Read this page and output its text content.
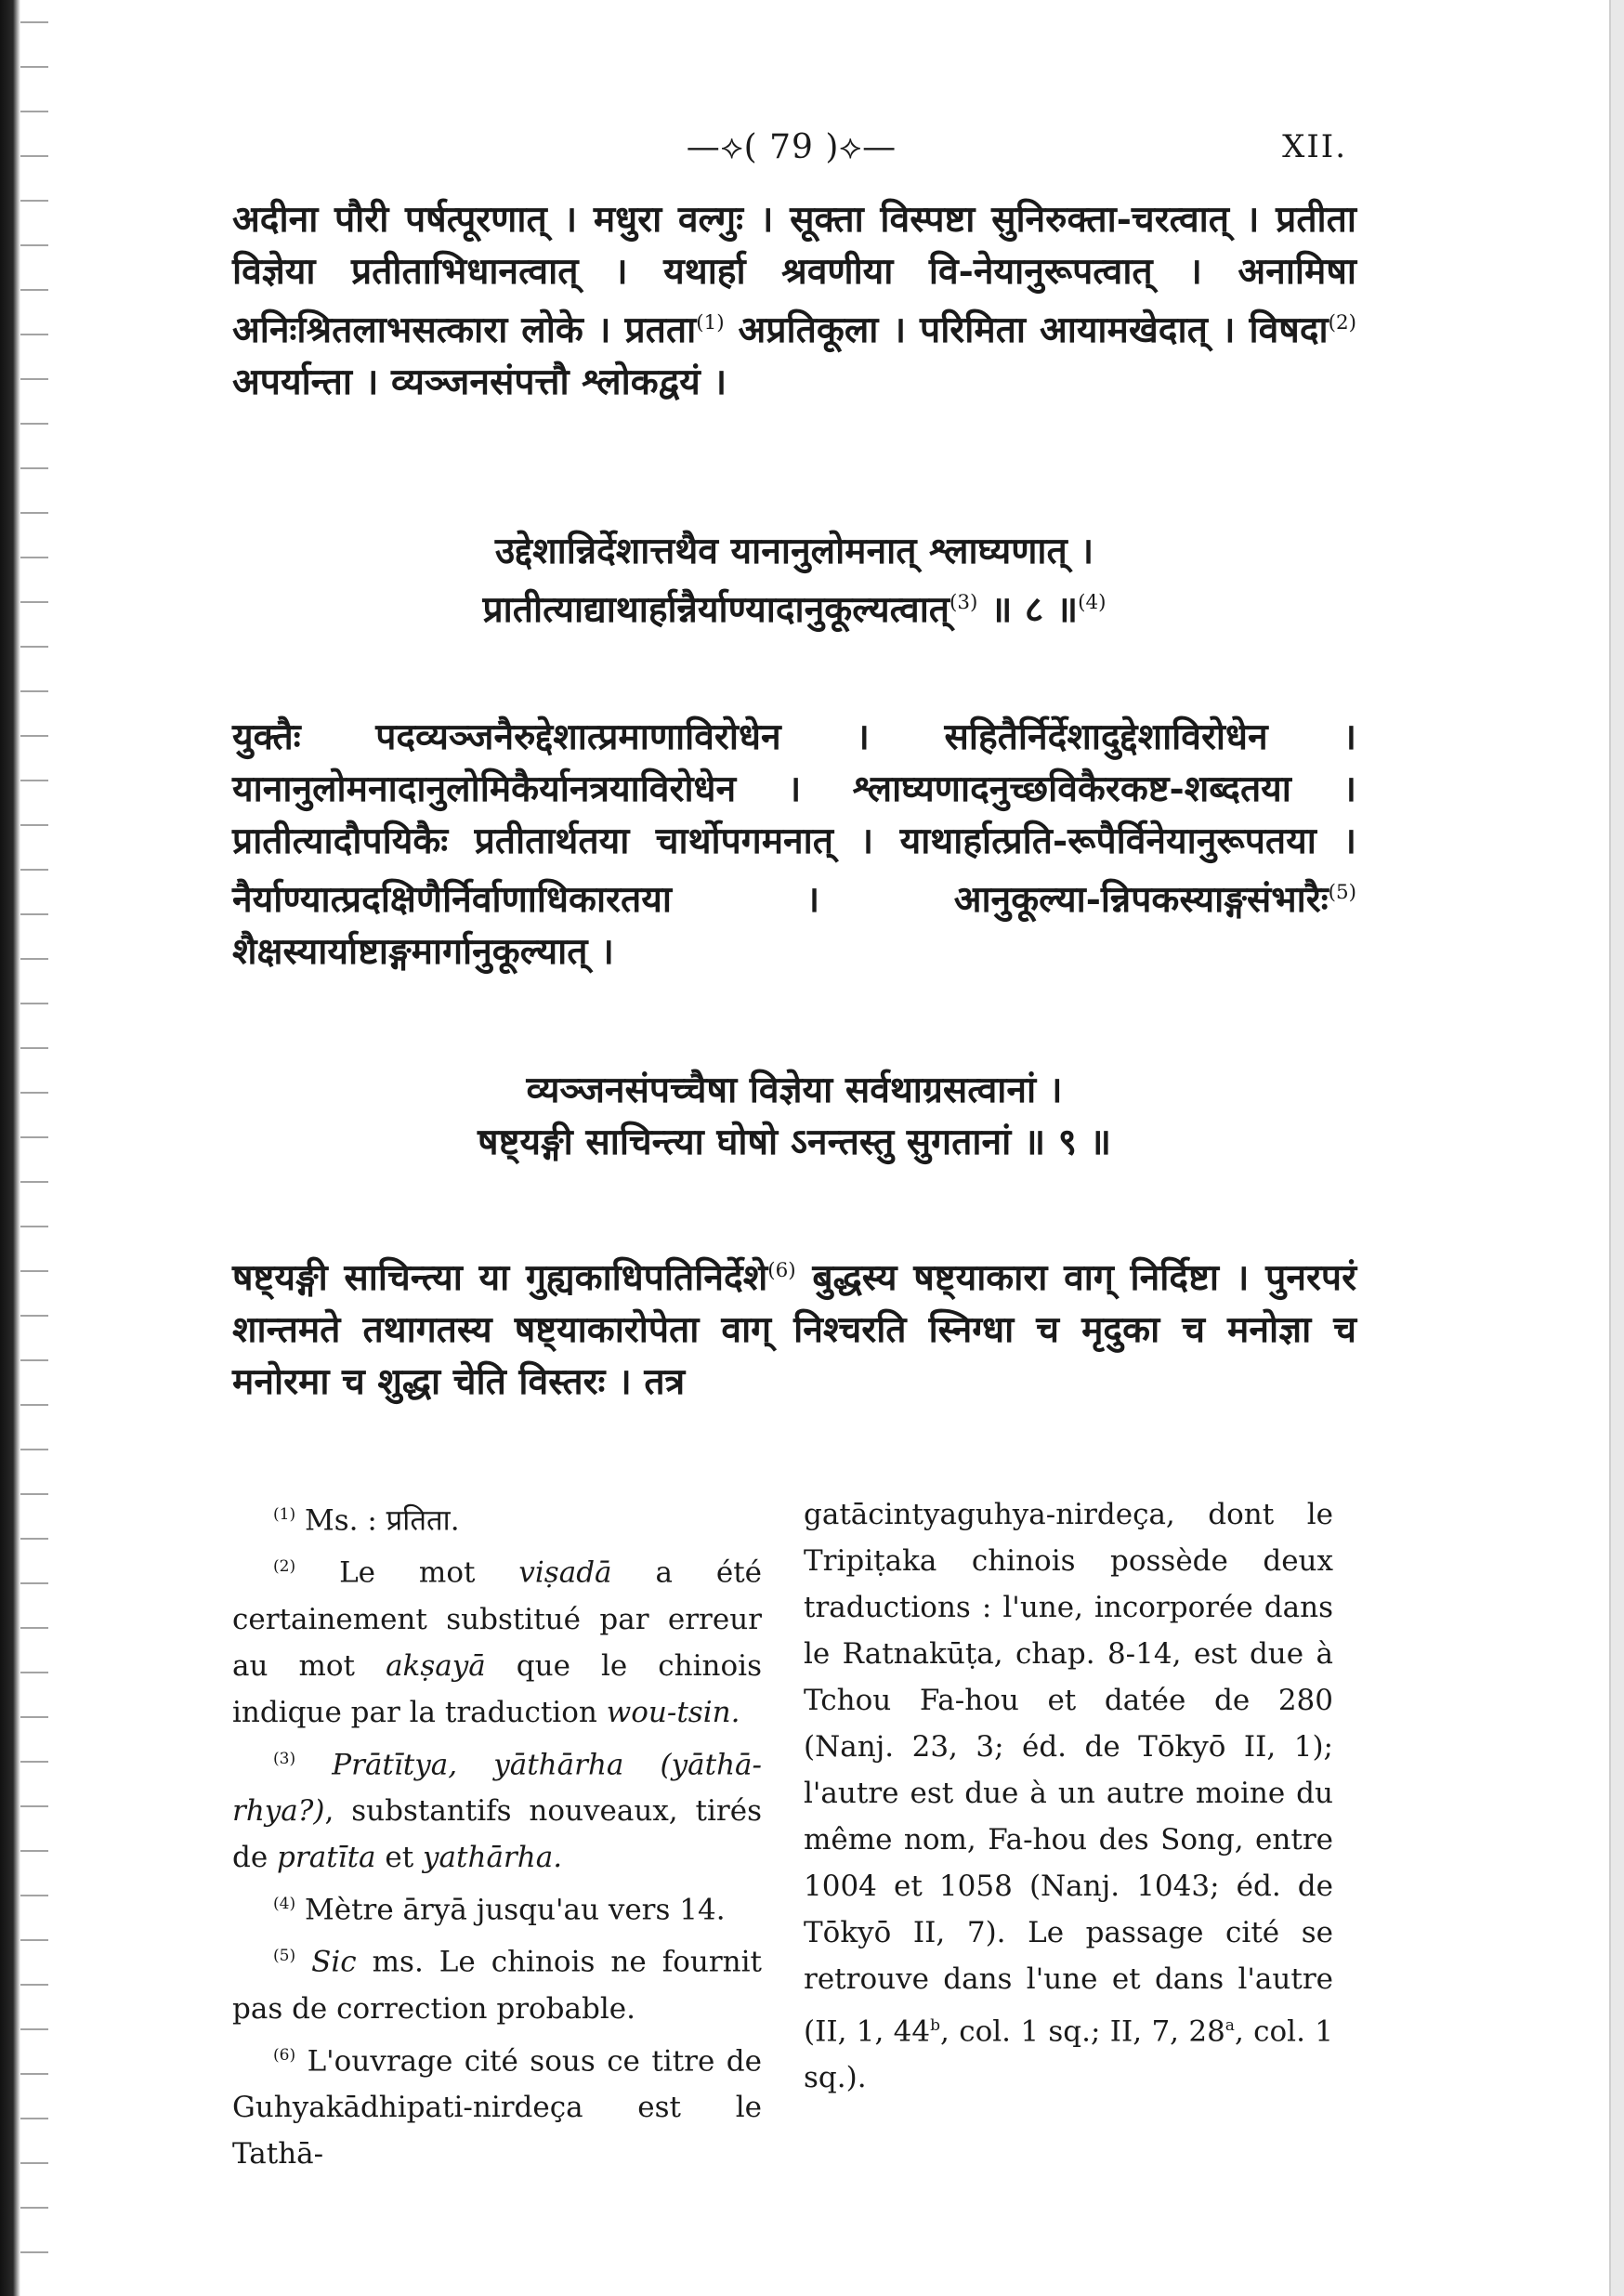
—⟡( 79 )⟡—	XII.

अदीना पौरी पर्षत्पूरणात् । मधुरा वल्गुः । सूक्ता विस्पष्टा सुनिरुक्ता-चरत्वात् । प्रतीता विज्ञेया प्रतीताभिधानत्वात् । यथार्हा श्रवणीया वि-नेयानुरूपत्वात् । अनामिषा अनिःश्रितलाभसत्कारा लोके । प्रतता$^{(1)}$ अप्रतिकूला । परिमिता आयामखेदात् । विषदा$^{(2)}$ अपर्यान्ता । व्यञ्जनसंपत्तौ श्लोकद्वयं ।

उद्देशान्निर्देशात्तथैव यानानुलोमनात् श्लाघ्यणात् ।
प्रातीत्याद्याथार्हान्नैर्याण्यादानुकूल्यत्वात्$^{(3)}$ ॥ ८ ॥$^{(4)}$

युक्तैः पदव्यञ्जनैरुद्देशात्प्रमाणाविरोधेन । सहितैर्निर्देशादुद्देशाविरोधेन । यानानुलोमनादानुलोमिकैर्यानत्रयाविरोधेन । श्लाघ्यणादनुच्छविकैरकष्ट-शब्दतया । प्रातीत्यादौपयिकैः प्रतीतार्थतया चार्थोपगमनात् । याथार्हात्प्रति-रूपैर्विनेयानुरूपतया । नैर्याण्यात्प्रदक्षिणैर्निर्वाणाधिकारतया । आनुकूल्या-न्निपकस्याङ्गसंभारैः$^{(5)}$ शैक्षस्यार्याष्टाङ्गमार्गानुकूल्यात् ।

व्यञ्जनसंपच्चैषा विज्ञेया सर्वथाग्रसत्वानां ।
षष्ट्यङ्गी साचिन्त्या घोषो ऽनन्तस्तु सुगतानां ॥ ९ ॥

षष्ट्यङ्गी साचिन्त्या या गुह्यकाधिपतिनिर्देशे$^{(6)}$ बुद्धस्य षष्ट्याकारा वाग् निर्दिष्टा । पुनरपरं शान्तमते तथागतस्य षष्ट्याकारोपेता वाग् निश्चरति स्निग्धा च मृदुका च मनोज्ञा च मनोरमा च शुद्धा चेति विस्तरः । तत्र

$^{(1)}$ Ms. : प्रतिता.

$^{(2)}$ Le mot viṣadā a été certainement substitué par erreur au mot akṣayā que le chinois indique par la traduction wou-tsin.

$^{(3)}$ Prātītya, yāthārha (yāthā-rhya?), substantifs nouveaux, tirés de pratīta et yathārha.

$^{(4)}$ Mètre āryā jusqu'au vers 14.

$^{(5)}$ Sic ms. Le chinois ne fournit pas de correction probable.

$^{(6)}$ L'ouvrage cité sous ce titre de Guhyakādhipati-nirdeça est le Tathā-

gatācintyaguhya-nirdeça, dont le Tripiṭaka chinois possède deux traductions : l'une, incorporée dans le Ratnakūṭa, chap. 8-14, est due à Tchou Fa-hou et datée de 280 (Nanj. 23, 3; éd. de Tōkyō II, 1); l'autre est due à un autre moine du même nom, Fa-hou des Song, entre 1004 et 1058 (Nanj. 1043; éd. de Tōkyō II, 7). Le passage cité se retrouve dans l'une et dans l'autre (II, 1, 44$^b$, col. 1 sq.; II, 7, 28$^a$, col. 1 sq.).
